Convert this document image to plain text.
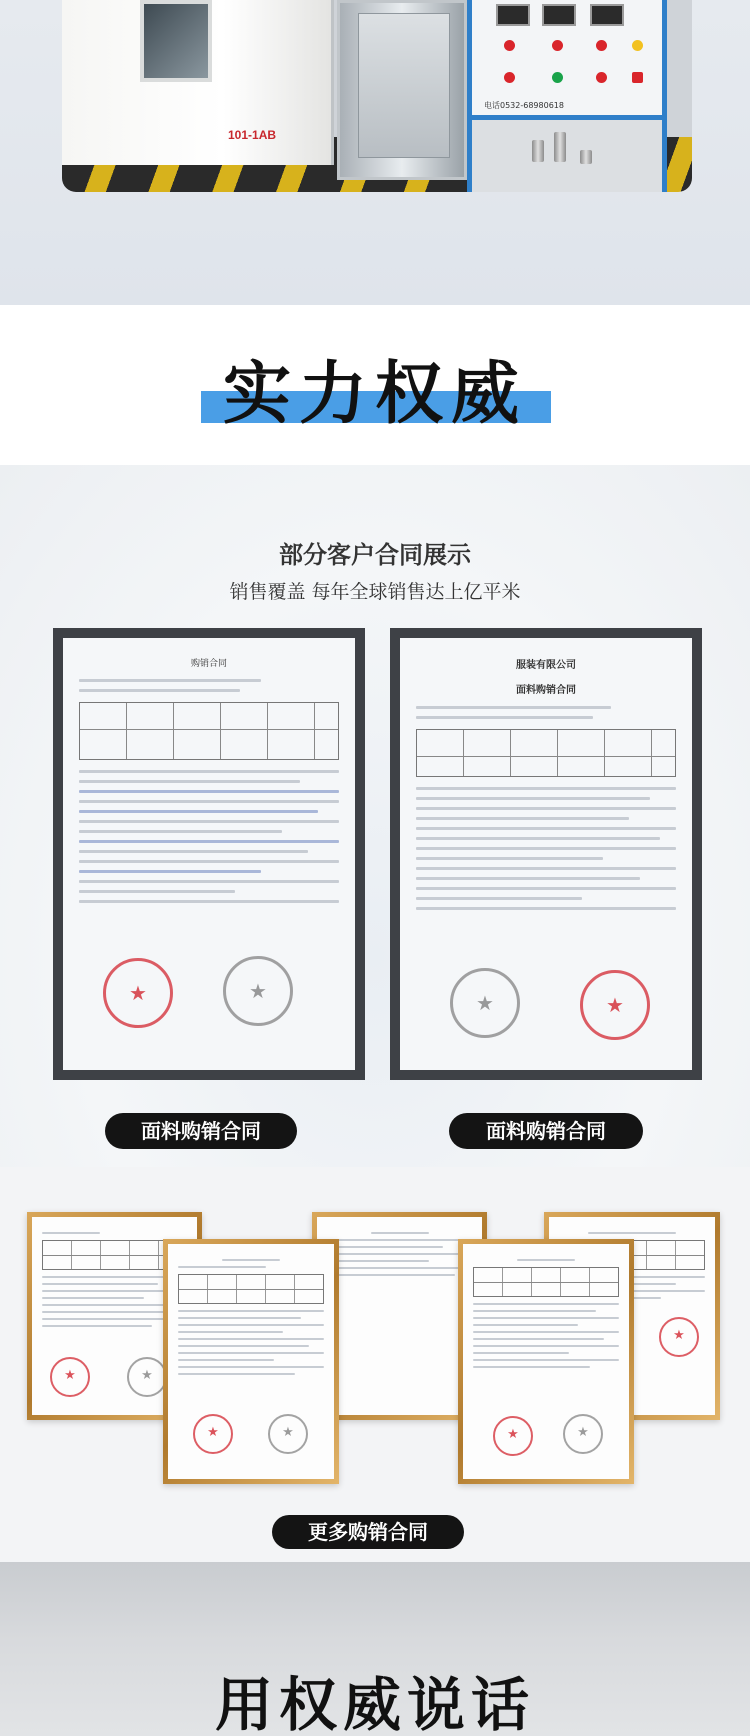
101-1AB
电话0532-68980618
实力权威
部分客户合同展示
销售覆盖 每年全球销售达上亿平米
购销合同
★
★	服装有限公司
面料购销合同
★
★
面料购销合同	面料购销合同
★
★
★
★
★
★
★
更多购销合同
用权威说话
